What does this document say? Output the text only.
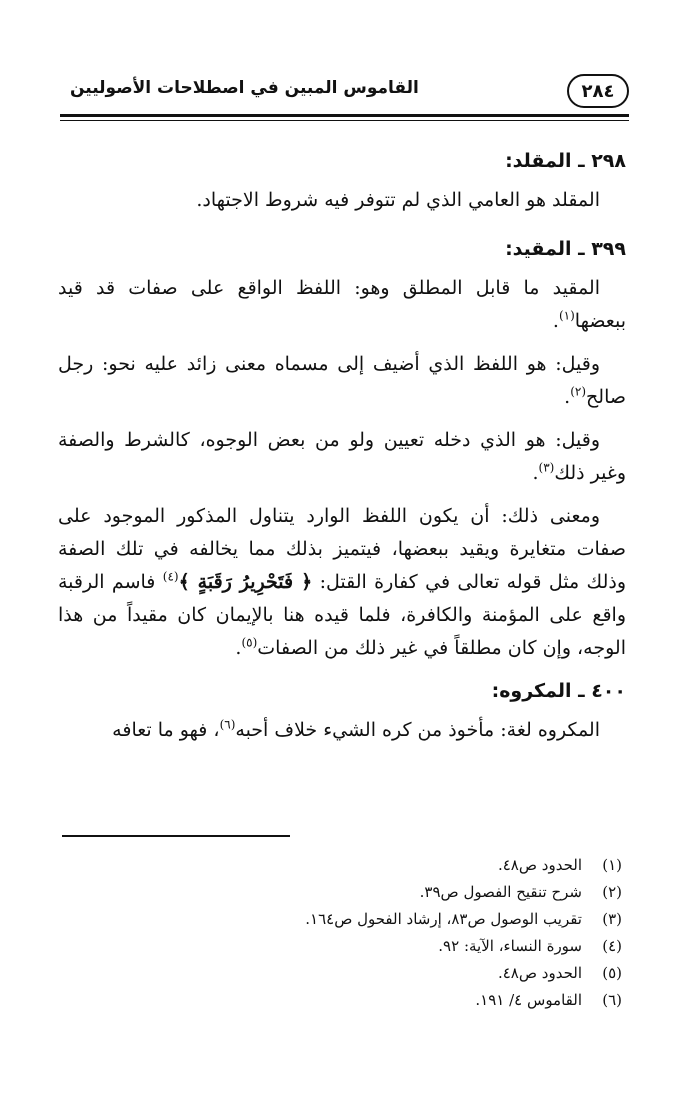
٢٨٤
القاموس المبين في اصطلاحات الأصوليين
٢٩٨ ـ المقلد:

المقلد هو العامي الذي لم تتوفر فيه شروط الاجتهاد.

٣٩٩ ـ المقيد:

المقيد ما قابل المطلق وهو: اللفظ الواقع على صفات قد قيد ببعضها$^{(١)}$.

وقيل: هو اللفظ الذي أضيف إلى مسماه معنى زائد عليه نحو: رجل صالح$^{(٢)}$.

وقيل: هو الذي دخله تعيين ولو من بعض الوجوه، كالشرط والصفة وغير ذلك$^{(٣)}$.

ومعنى ذلك: أن يكون اللفظ الوارد يتناول المذكور الموجود على صفات متغايرة ويقيد ببعضها، فيتميز بذلك مما يخالفه في تلك الصفة وذلك مثل قوله تعالى في كفارة القتل: ﴿ فَتَحْرِيرُ رَقَبَةٍ ﴾$^{(٤)}$ فاسم الرقبة واقع على المؤمنة والكافرة، فلما قيده هنا بالإيمان كان مقيداً من هذا الوجه، وإن كان مطلقاً في غير ذلك من الصفات$^{(٥)}$.

٤٠٠ ـ المكروه:

المكروه لغة: مأخوذ من كره الشيء خلاف أحبه$^{(٦)}$، فهو ما تعافه

(١)
الحدود ص٤٨.
(٢)
شرح تنقيح الفصول ص٣٩.
(٣)
تقريب الوصول ص٨٣، إرشاد الفحول ص١٦٤.
(٤)
سورة النساء، الآية: ٩٢.
(٥)
الحدود ص٤٨.
(٦)
القاموس ٤/ ١٩١.
